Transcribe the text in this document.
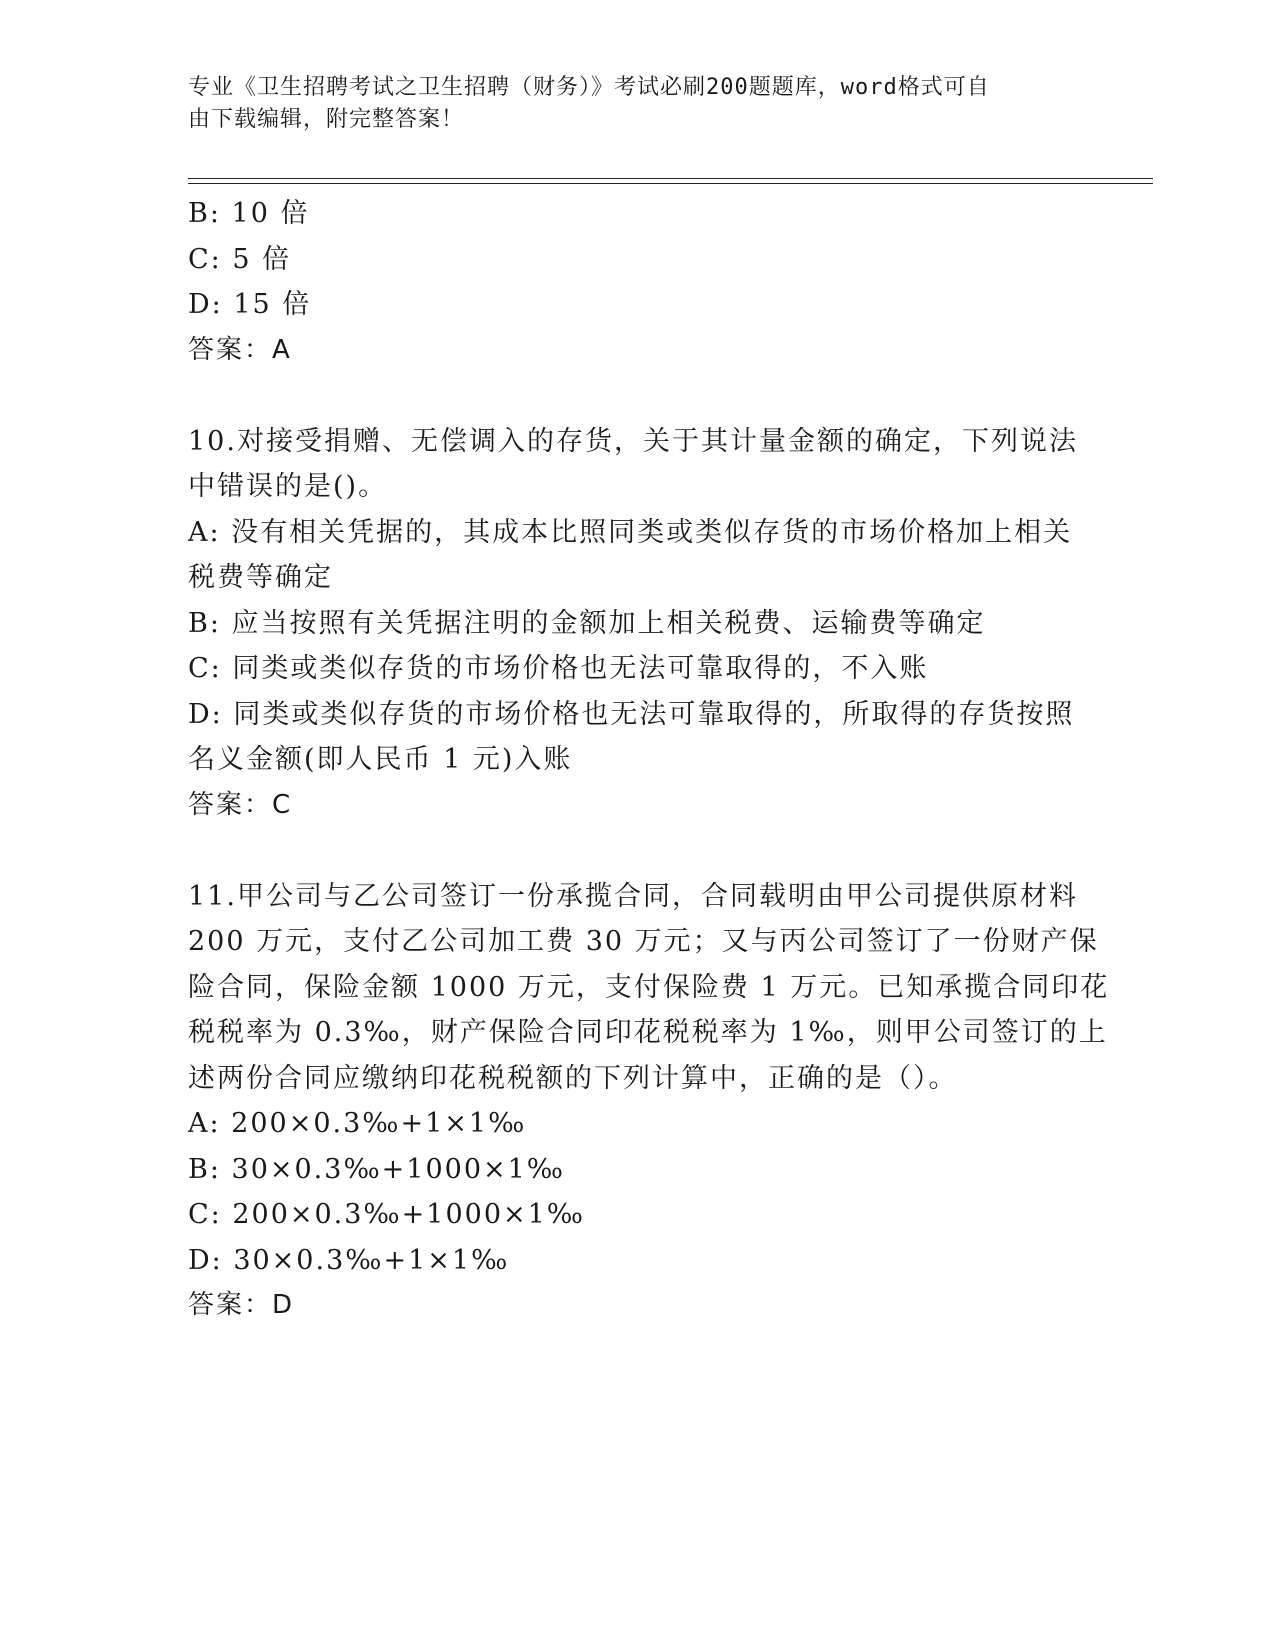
专业《卫生招聘考试之卫生招聘（财务）》考试必刷200题题库，word格式可自
由下载编辑，附完整答案！
B: 10 倍
C: 5 倍
D: 15 倍
答案：A
10.对接受捐赠、无偿调入的存货，关于其计量金额的确定，下列说法
中错误的是()。
A: 没有相关凭据的，其成本比照同类或类似存货的市场价格加上相关
税费等确定
B: 应当按照有关凭据注明的金额加上相关税费、运输费等确定
C: 同类或类似存货的市场价格也无法可靠取得的，不入账
D: 同类或类似存货的市场价格也无法可靠取得的，所取得的存货按照
名义金额(即人民币 1 元)入账
答案：C
11.甲公司与乙公司签订一份承揽合同，合同载明由甲公司提供原材料
200 万元，支付乙公司加工费 30 万元；又与丙公司签订了一份财产保
险合同，保险金额 1000 万元，支付保险费 1 万元。已知承揽合同印花
税税率为 0.3‰，财产保险合同印花税税率为 1‰，则甲公司签订的上
述两份合同应缴纳印花税税额的下列计算中，正确的是（）。
A: 200×0.3‰+1×1‰
B: 30×0.3‰+1000×1‰
C: 200×0.3‰+1000×1‰
D: 30×0.3‰+1×1‰
答案：D
